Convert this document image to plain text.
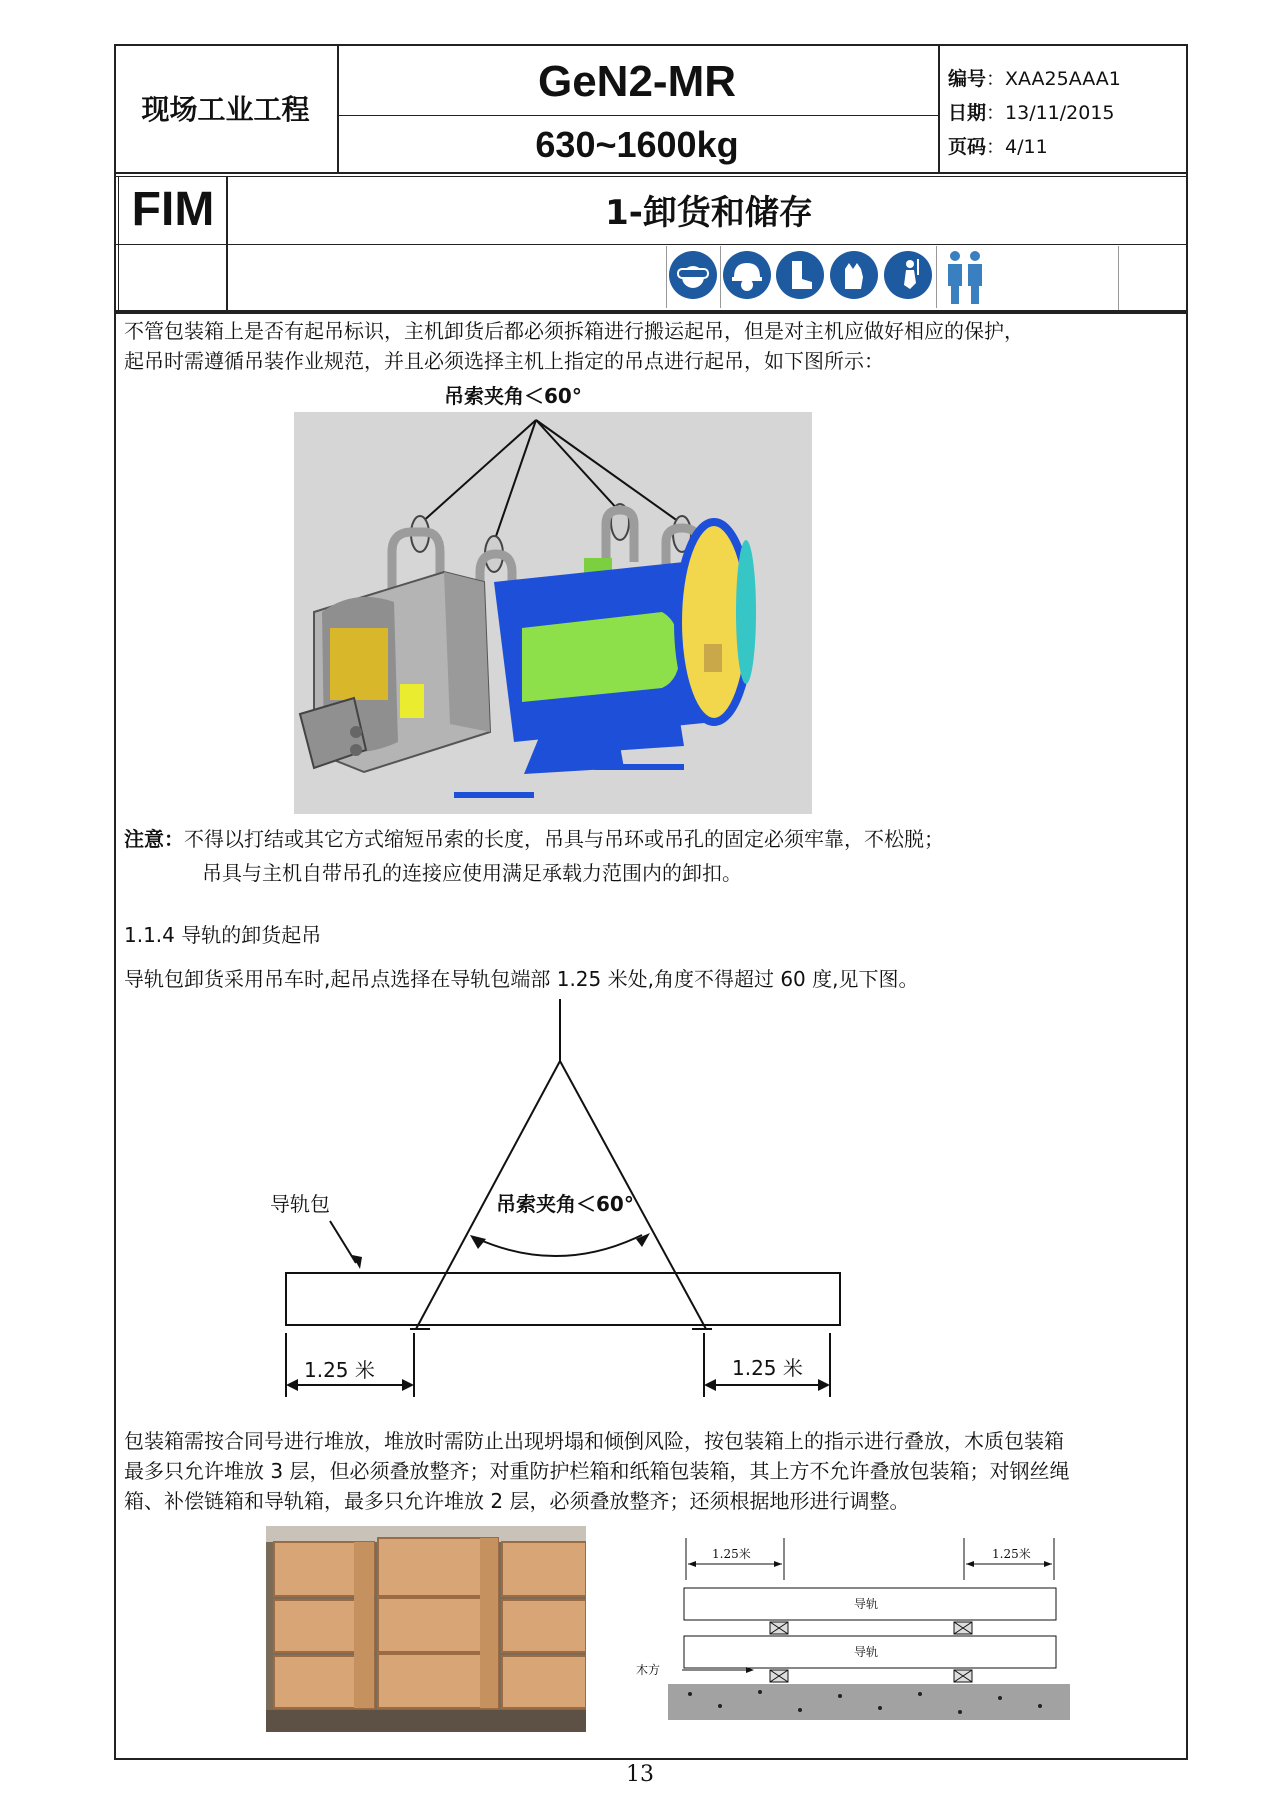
现场工业工程
GeN2-MR
630~1600kg
编号：XAA25AAA1
日期：13/11/2015
页码：4/11
FIM	1-卸货和储存
不管包装箱上是否有起吊标识，主机卸货后都必须拆箱进行搬运起吊，但是对主机应做好相应的保护，
起吊时需遵循吊装作业规范，并且必须选择主机上指定的吊点进行起吊，如下图所示：
吊索夹角＜60°
注意：不得以打结或其它方式缩短吊索的长度，吊具与吊环或吊孔的固定必须牢靠，不松脱；
吊具与主机自带吊孔的连接应使用满足承载力范围内的卸扣。
1.1.4 导轨的卸货起吊
导轨包卸货采用吊车时,起吊点选择在导轨包端部 1.25 米处,角度不得超过 60 度,见下图。
导轨包	吊索夹角＜60°
1.25 米	1.25 米
包装箱需按合同号进行堆放，堆放时需防止出现坍塌和倾倒风险，按包装箱上的指示进行叠放，木质包装箱
最多只允许堆放 3 层，但必须叠放整齐；对重防护栏箱和纸箱包装箱，其上方不允许叠放包装箱；对钢丝绳
箱、补偿链箱和导轨箱，最多只允许堆放 2 层，必须叠放整齐；还须根据地形进行调整。
1.25米	1.25米
导轨
导轨
木方
13
